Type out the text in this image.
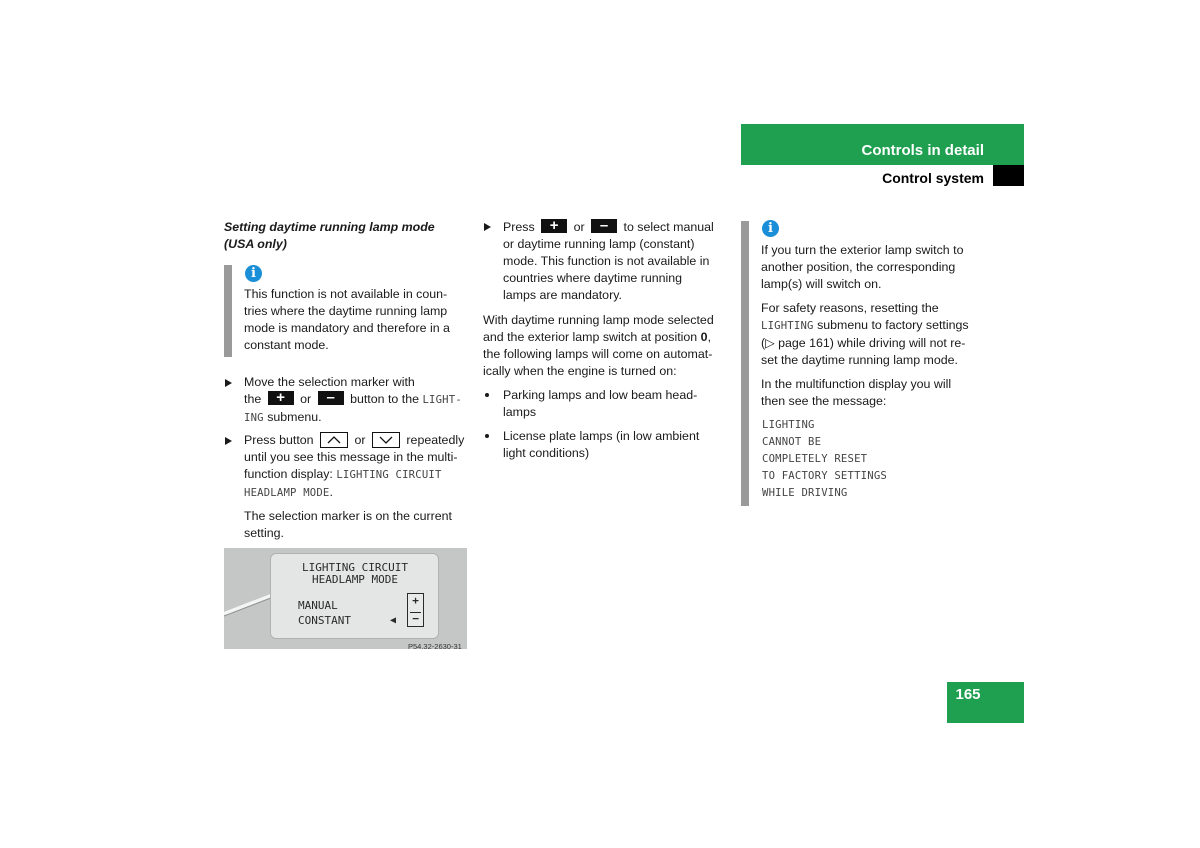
Controls in detail
Control system

Setting daytime running lamp mode

(USA only)

i

This function is not available in coun-

tries where the daytime running lamp

mode is mandatory and therefore in a

constant mode.

Move the selection marker with

the	+	or	–	button to the LIGHT-

ING submenu.

Press button	or	repeatedly

until you see this message in the multi-

function display: LIGHTING CIRCUIT

HEADLAMP MODE.

The selection marker is on the current

setting.

LIGHTING CIRCUIT

HEADLAMP MODE

MANUAL
CONSTANT	◀
+
−
P54.32-2630-31

Press	+	or	–	to select manual

or daytime running lamp (constant)

mode. This function is not available in

countries where daytime running

lamps are mandatory.

With daytime running lamp mode selected

and the exterior lamp switch at position 0,

the following lamps will come on automat-

ically when the engine is turned on:

Parking lamps and low beam head-

lamps

License plate lamps (in low ambient

light conditions)

i

If you turn the exterior lamp switch to

another position, the corresponding

lamp(s) will switch on.

For safety reasons, resetting the

LIGHTING submenu to factory settings

(▷ page 161) while driving will not re-

set the daytime running lamp mode.

In the multifunction display you will

then see the message:

LIGHTING

CANNOT BE

COMPLETELY RESET

TO FACTORY SETTINGS

WHILE DRIVING

165
